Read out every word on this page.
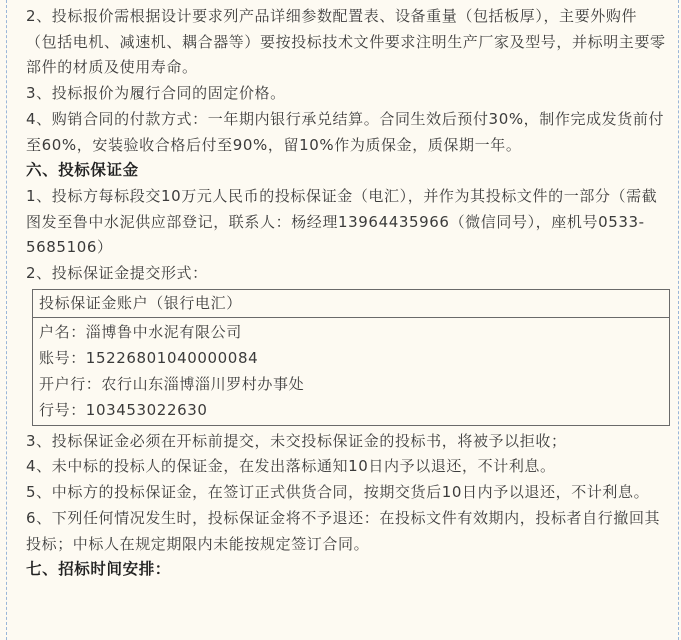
2、投标报价需根据设计要求列产品详细参数配置表、设备重量（包括板厚），主要外购件（包括电机、减速机、耦合器等）要按投标技术文件要求注明生产厂家及型号，并标明主要零部件的材质及使用寿命。

3、投标报价为履行合同的固定价格。

4、购销合同的付款方式：一年期内银行承兑结算。合同生效后预付30%，制作完成发货前付至60%，安装验收合格后付至90%，留10%作为质保金，质保期一年。

六、投标保证金

1、投标方每标段交10万元人民币的投标保证金（电汇），并作为其投标文件的一部分（需截图发至鲁中水泥供应部登记，联系人：杨经理13964435966（微信同号），座机号0533-5685106）

2、投标保证金提交形式：

投标保证金账户（银行电汇）
户名：淄博鲁中水泥有限公司
账号：15226801040000084
开户行：农行山东淄博淄川罗村办事处
行号：103453022630

3、投标保证金必须在开标前提交，未交投标保证金的投标书，将被予以拒收；

4、未中标的投标人的保证金，在发出落标通知10日内予以退还，不计利息。

5、中标方的投标保证金，在签订正式供货合同，按期交货后10日内予以退还，不计利息。

6、下列任何情况发生时，投标保证金将不予退还：在投标文件有效期内，投标者自行撤回其投标；中标人在规定期限内未能按规定签订合同。

七、招标时间安排：
